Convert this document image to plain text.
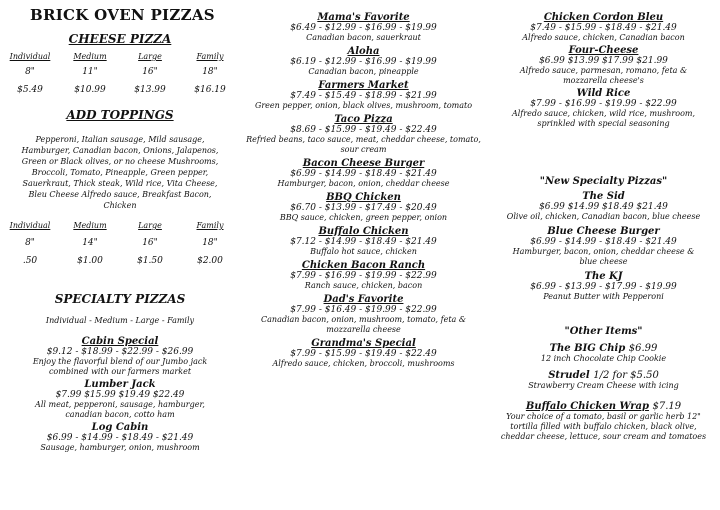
BRICK OVEN PIZZAS
CHEESE PIZZA
Individual	Medium	Large	Family
8"	11"	16"	18"
$5.49	$10.99	$13.99	$16.19
ADD TOPPINGS
Pepperoni, Italian sausage, Mild sausage, Hamburger, Canadian bacon, Onions, Jalapenos, Green or Black olives, or no cheese Mushrooms, Broccoli, Tomato, Pineapple, Green pepper, Sauerkraut, Thick steak, Wild rice, Vita Cheese, Bleu Cheese Alfredo sauce, Breakfast Bacon, Chicken
Individual	Medium	Large	Family
8"	14"	16"	18"
.50	$1.00	$1.50	$2.00
SPECIALTY PIZZAS
Individual - Medium - Large - Family
Cabin Special
$9.12 - $18.99 - $22.99 - $26.99
Enjoy the flavorful blend of our Jumbo jack combined with our farmers market
Lumber Jack
$7.99 $15.99 $19.49 $22.49
All meat, pepperoni, sausage, hamburger, canadian bacon, cotto ham
Log Cabin
$6.99 - $14.99 - $18.49 - $21.49
Sausage, hamburger, onion, mushroom
Mama's Favorite
$6.49 - $12.99 - $16.99 - $19.99
Canadian bacon, sauerkraut
Aloha
$6.19 - $12.99 - $16.99 - $19.99
Canadian bacon, pineapple
Farmers Market
$7.49 - $15.49 - $18.99 - $21.99
Green pepper, onion, black olives, mushroom, tomato
Taco Pizza
$8.69 - $15.99 - $19.49 - $22.49
Refried beans, taco sauce, meat, cheddar cheese, tomato, sour cream
Bacon Cheese Burger
$6.99 - $14.99 - $18.49 - $21.49
Hamburger, bacon, onion, cheddar cheese
BBQ Chicken
$6.70 - $13.99 - $17.49 - $20.49
BBQ sauce, chicken, green pepper, onion
Buffalo Chicken
$7.12 - $14.99 - $18.49 - $21.49
Buffalo hot sauce, chicken
Chicken Bacon Ranch
$7.99 - $16.99 - $19.99 - $22.99
Ranch sauce, chicken, bacon
Dad's Favorite
$7.99 - $16.49 - $19.99 - $22.99
Canadian bacon, onion, mushroom, tomato, feta & mozzarella cheese
Grandma's Special
$7.99 - $15.99 - $19.49 - $22.49
Alfredo sauce, chicken, broccoli, mushrooms
Chicken Cordon Bleu
$7.49 - $15.99 - $18.49 - $21.49
Alfredo sauce, chicken, Canadian bacon
Four-Cheese
$6.99 $13.99 $17.99 $21.99
Alfredo sauce, parmesan, romano, feta & mozzarella cheese's
Wild Rice
$7.99 - $16.99 - $19.99 - $22.99
Alfredo sauce, chicken, wild rice, mushroom, sprinkled with special seasoning
"New Specialty Pizzas"
The Sid
$6.99 $14.99 $18.49 $21.49
Olive oil, chicken, Canadian bacon, blue cheese
Blue Cheese Burger
$6.99 - $14.99 - $18.49 - $21.49
Hamburger, bacon, onion, cheddar cheese & blue cheese
The KJ
$6.99 - $13.99 - $17.99 - $19.99
Peanut Butter with Pepperoni
"Other Items"
The BIG Chip $6.99
12 inch Chocolate Chip Cookie
Strudel 1/2 for $5.50
Strawberry Cream Cheese with icing
Buffalo Chicken Wrap $7.19
Your choice of a tomato, basil or garlic herb 12" tortilla filled with buffalo chicken, black olive, cheddar cheese, lettuce, sour cream and tomatoes
